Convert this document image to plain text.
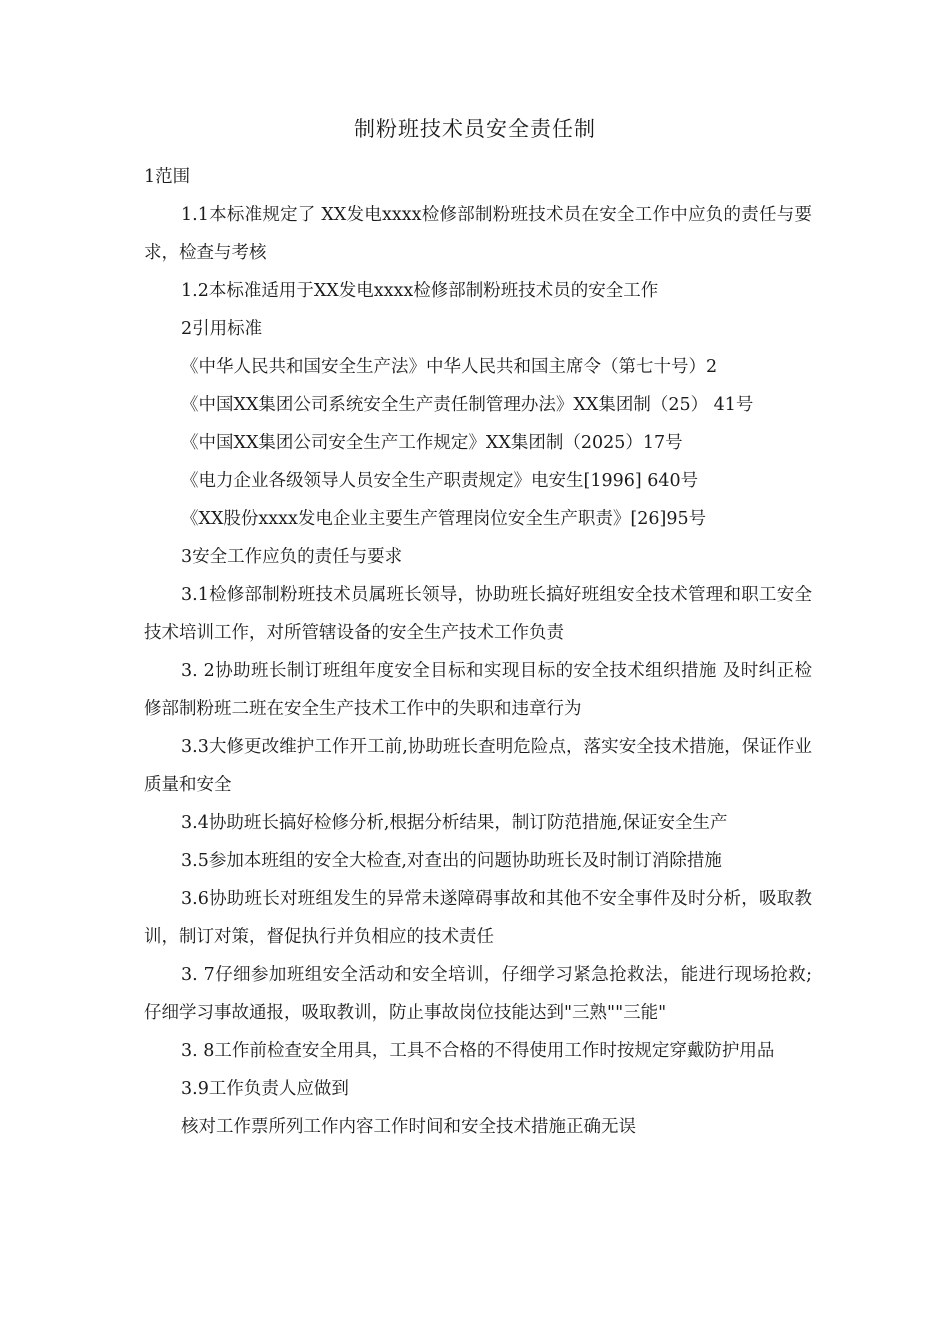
制粉班技术员安全责任制

1范围

1.1本标准规定了 XX发电xxxx检修部制粉班技术员在安全工作中应负的责任与要求，检查与考核

1.2本标准适用于XX发电xxxx检修部制粉班技术员的安全工作

2引用标准

《中华人民共和国安全生产法》中华人民共和国主席令（第七十号）2

《中国XX集团公司系统安全生产责任制管理办法》XX集团制（25） 41号

《中国XX集团公司安全生产工作规定》XX集团制（2025）17号

《电力企业各级领导人员安全生产职责规定》电安生[1996] 640号

《XX股份xxxx发电企业主要生产管理岗位安全生产职责》[26]95号

3安全工作应负的责任与要求

3.1检修部制粉班技术员属班长领导，协助班长搞好班组安全技术管理和职工安全技术培训工作，对所管辖设备的安全生产技术工作负责

3. 2协助班长制订班组年度安全目标和实现目标的安全技术组织措施 及时纠正检修部制粉班二班在安全生产技术工作中的失职和违章行为

3.3大修更改维护工作开工前,协助班长查明危险点，落实安全技术措施，保证作业质量和安全

3.4协助班长搞好检修分析,根据分析结果，制订防范措施,保证安全生产

3.5参加本班组的安全大检查,对查出的问题协助班长及时制订消除措施

3.6协助班长对班组发生的异常未遂障碍事故和其他不安全事件及时分析，吸取教训，制订对策，督促执行并负相应的技术责任

3. 7仔细参加班组安全活动和安全培训，仔细学习紧急抢救法，能进行现场抢救;仔细学习事故通报，吸取教训，防止事故岗位技能达到"三熟""三能"

3. 8工作前检查安全用具，工具不合格的不得使用工作时按规定穿戴防护用品

3.9工作负责人应做到

核对工作票所列工作内容工作时间和安全技术措施正确无误
